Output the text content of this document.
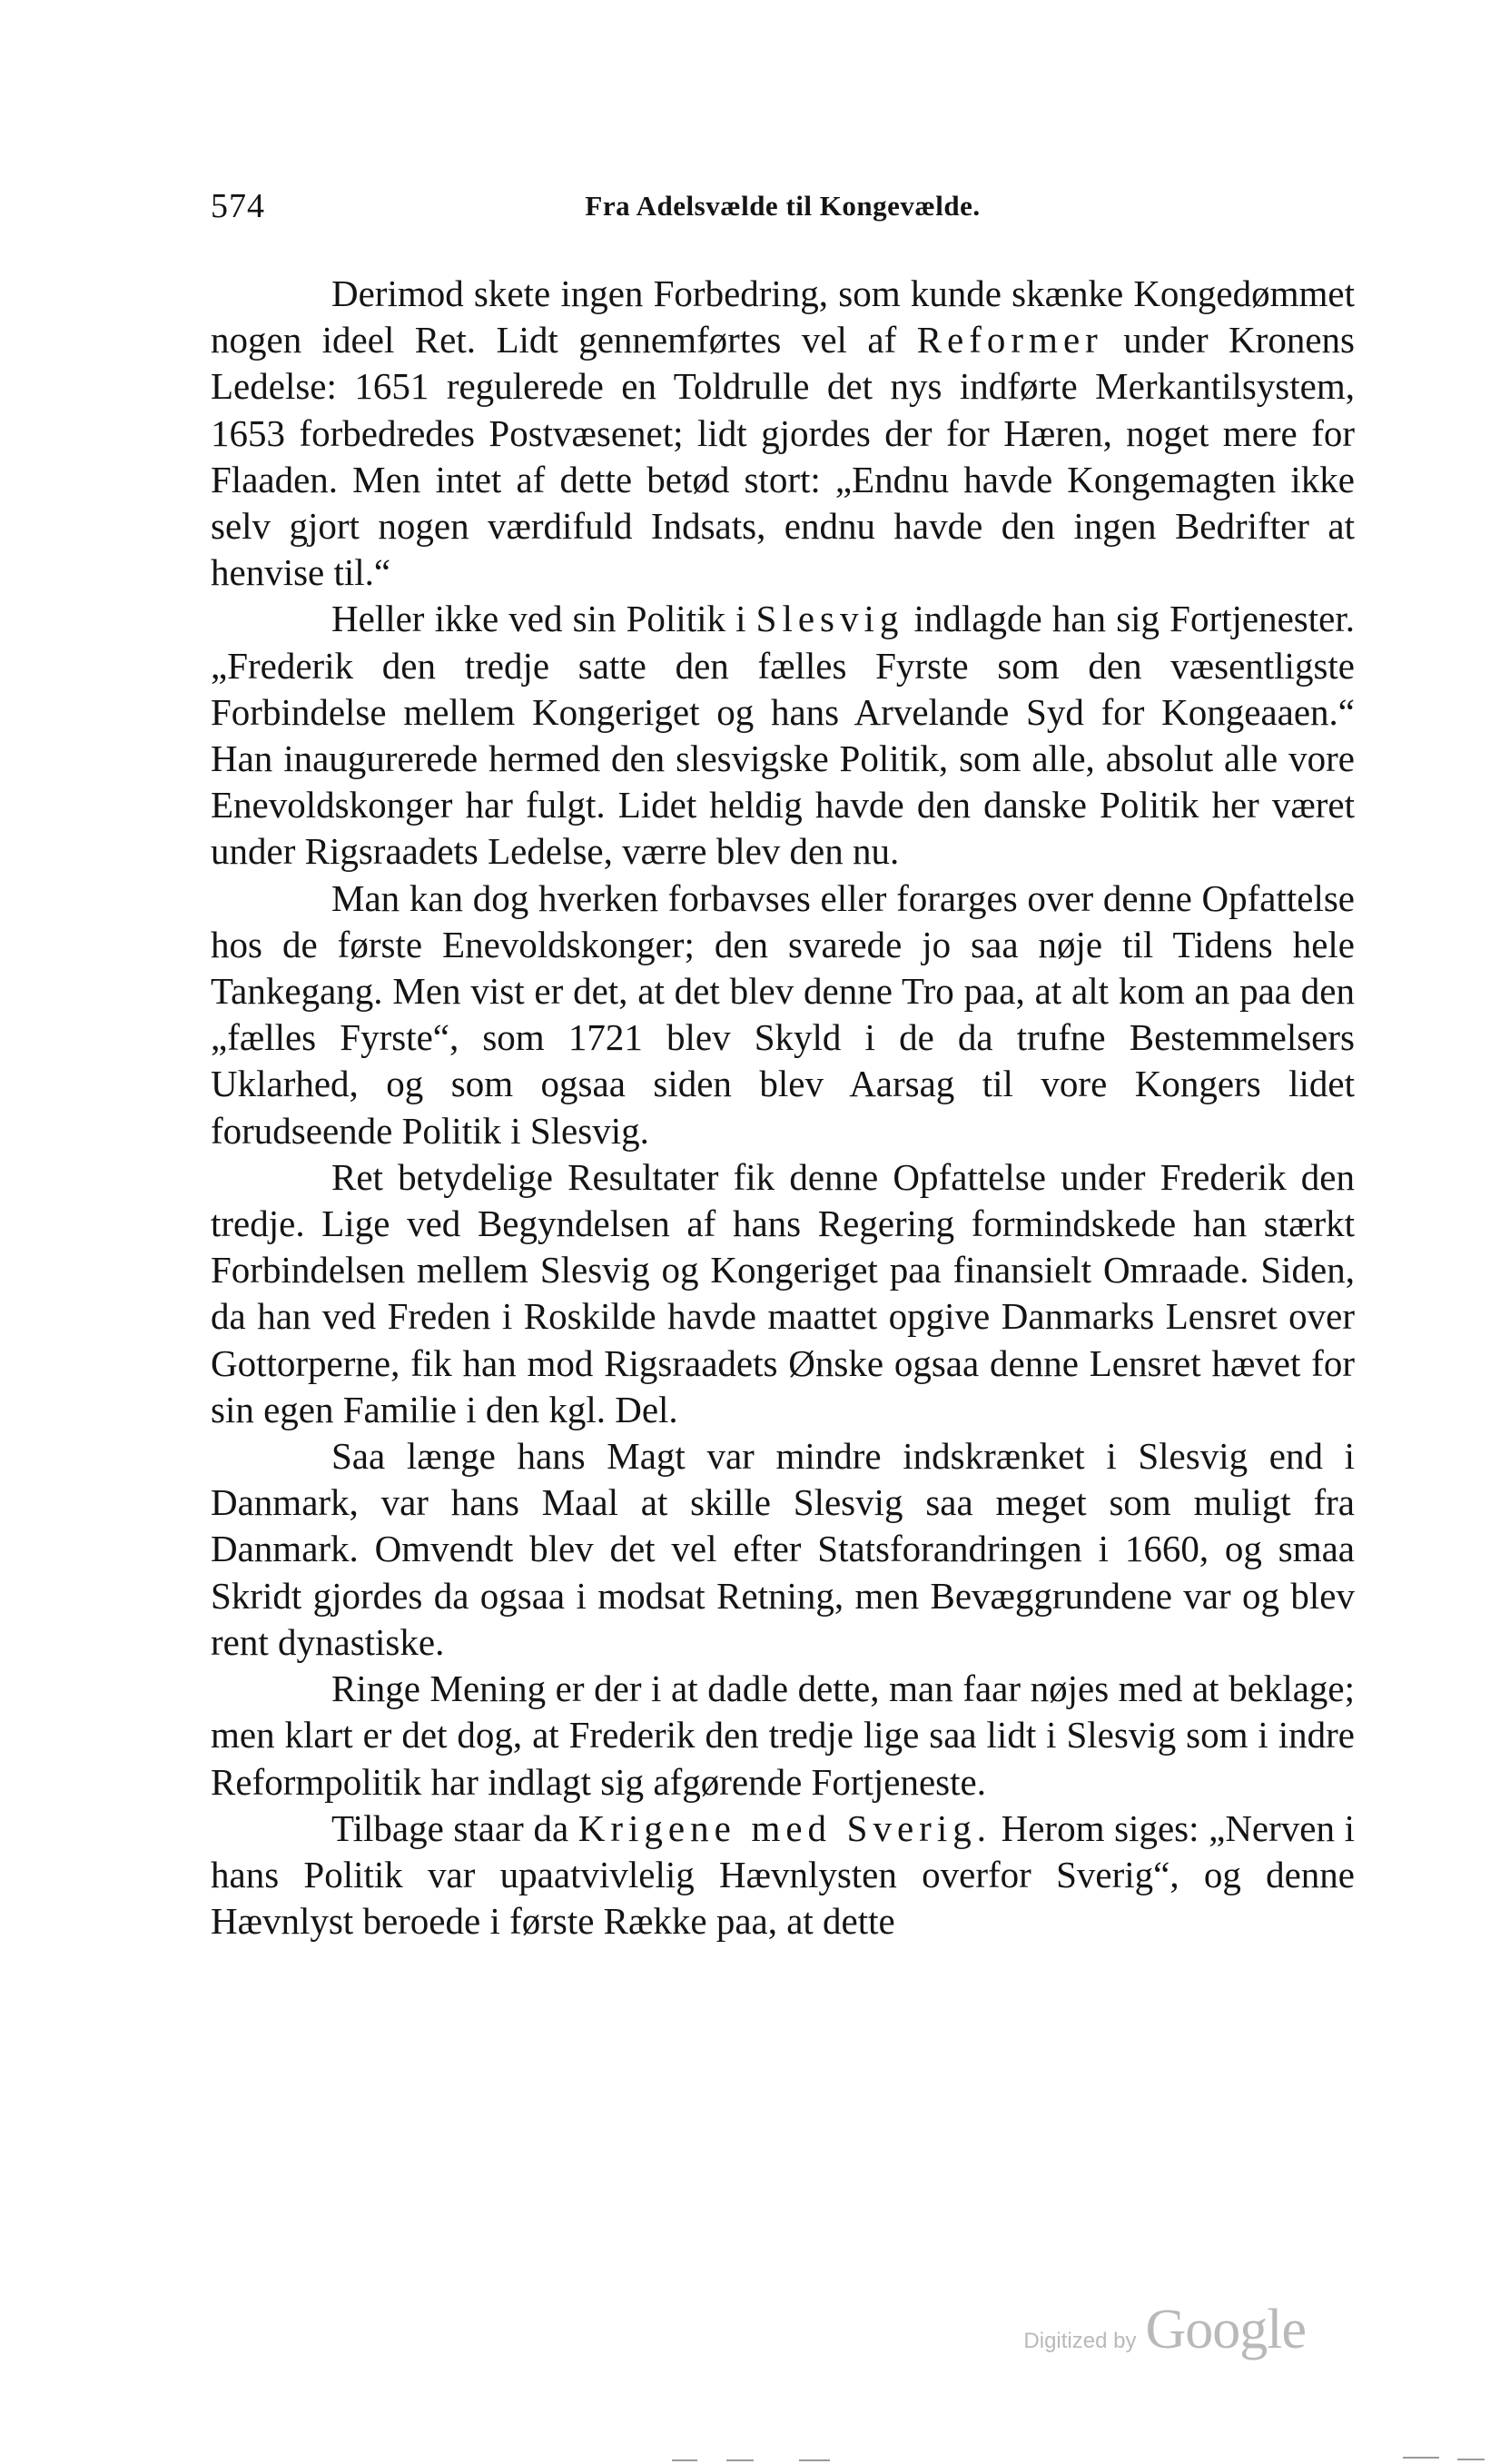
574	Fra Adelsvælde til Kongevælde.

Derimod skete ingen Forbedring, som kunde skænke Kongedømmet nogen ideel Ret. Lidt gennemførtes vel af Reformer under Kronens Ledelse: 1651 regulerede en Toldrulle det nys indførte Merkantilsystem, 1653 forbedredes Postvæsenet; lidt gjordes der for Hæren, noget mere for Flaaden. Men intet af dette betød stort: „Endnu havde Kongemagten ikke selv gjort nogen værdifuld Indsats, endnu havde den ingen Bedrifter at henvise til.“

Heller ikke ved sin Politik i Slesvig indlagde han sig Fortjenester. „Frederik den tredje satte den fælles Fyrste som den væsentligste Forbindelse mellem Kongeriget og hans Arvelande Syd for Kongeaaen.“ Han inaugurerede hermed den slesvigske Politik, som alle, absolut alle vore Enevoldskonger har fulgt. Lidet heldig havde den danske Politik her været under Rigsraadets Ledelse, værre blev den nu.

Man kan dog hverken forbavses eller forarges over denne Opfattelse hos de første Enevoldskonger; den svarede jo saa nøje til Tidens hele Tankegang. Men vist er det, at det blev denne Tro paa, at alt kom an paa den „fælles Fyrste“, som 1721 blev Skyld i de da trufne Bestemmelsers Uklarhed, og som ogsaa siden blev Aarsag til vore Kongers lidet forudseende Politik i Slesvig.

Ret betydelige Resultater fik denne Opfattelse under Frederik den tredje. Lige ved Begyndelsen af hans Regering formindskede han stærkt Forbindelsen mellem Slesvig og Kongeriget paa finansielt Omraade. Siden, da han ved Freden i Roskilde havde maattet opgive Danmarks Lensret over Gottorperne, fik han mod Rigsraadets Ønske ogsaa denne Lensret hævet for sin egen Familie i den kgl. Del.

Saa længe hans Magt var mindre indskrænket i Slesvig end i Danmark, var hans Maal at skille Slesvig saa meget som muligt fra Danmark. Omvendt blev det vel efter Statsforandringen i 1660, og smaa Skridt gjordes da ogsaa i modsat Retning, men Bevæggrundene var og blev rent dynastiske.

Ringe Mening er der i at dadle dette, man faar nøjes med at beklage; men klart er det dog, at Frederik den tredje lige saa lidt i Slesvig som i indre Reformpolitik har indlagt sig afgørende Fortjeneste.

Tilbage staar da Krigene med Sverig. Herom siges: „Nerven i hans Politik var upaatvivlelig Hævnlysten overfor Sverig“, og denne Hævnlyst beroede i første Række paa, at dette

Digitized by Google
